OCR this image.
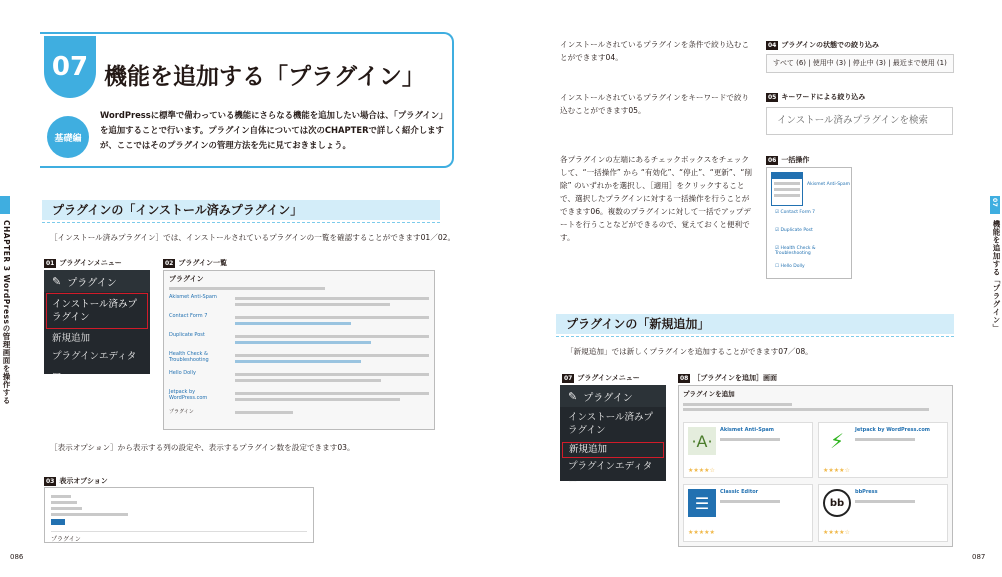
07 機能を追加する「プラグイン」
基礎編
WordPressに標準で備わっている機能にさらなる機能を追加したい場合は、「プラグイン」を追加することで行います。プラグイン自体については次のCHAPTERで詳しく紹介しますが、ここではそのプラグインの管理方法を先に見ておきましょう。
CHAPTER 3 WordPressの管理画面を操作する
プラグインの「インストール済みプラグイン」
［インストール済みプラグイン］では、インストールされているプラグインの一覧を確認することができます01／02。
01 プラグインメニュー	02 プラグイン一覧
✎ プラグイン
インストール済みプラグイン
新規追加
プラグインエディター
プラグイン
Akismet Anti-Spam
Contact Form 7
Duplicate Post
Health Check & Troubleshooting
Hello Dolly
Jetpack by WordPress.com
プラグイン
［表示オプション］から表示する列の設定や、表示するプラグイン数を設定できます03。
03 表示オプション
プラグイン
086
07
機能を追加する「プラグイン」
インストールされているプラグインを条件で絞り込むことができます04。
04 プラグインの状態での絞り込み
すべて (6) | 使用中 (3) | 停止中 (3) | 最近まで使用 (1)
インストールされているプラグインをキーワードで絞り込むことができます05。
05 キーワードによる絞り込み
インストール済みプラグインを検索
各プラグインの左端にあるチェックボックスをチェックして、“一括操作” から “有効化”、“停止”、“更新”、“削除” のいずれかを選択し、［適用］をクリックすることで、選択したプラグインに対する一括操作を行うことができます06。複数のプラグインに対して一括でアップデートを行うことなどができるので、覚えておくと便利です。
06 一括操作
Akismet Anti-Spam
☑ Contact Form 7
☑ Duplicate Post
☑ Health Check & Troubleshooting
☐ Hello Dolly
プラグインの「新規追加」
「新規追加」では新しくプラグインを追加することができます07／08。
07 プラグインメニュー	08 ［プラグインを追加］画面
✎ プラグイン
インストール済みプラグイン
新規追加
プラグインエディター
プラグインを追加
·A·
Akismet Anti-Spam
★★★★☆
⚡	Jetpack by WordPress.com
★★★★☆
☰
Classic Editor
★★★★★
bb
bbPress
★★★★☆
087
